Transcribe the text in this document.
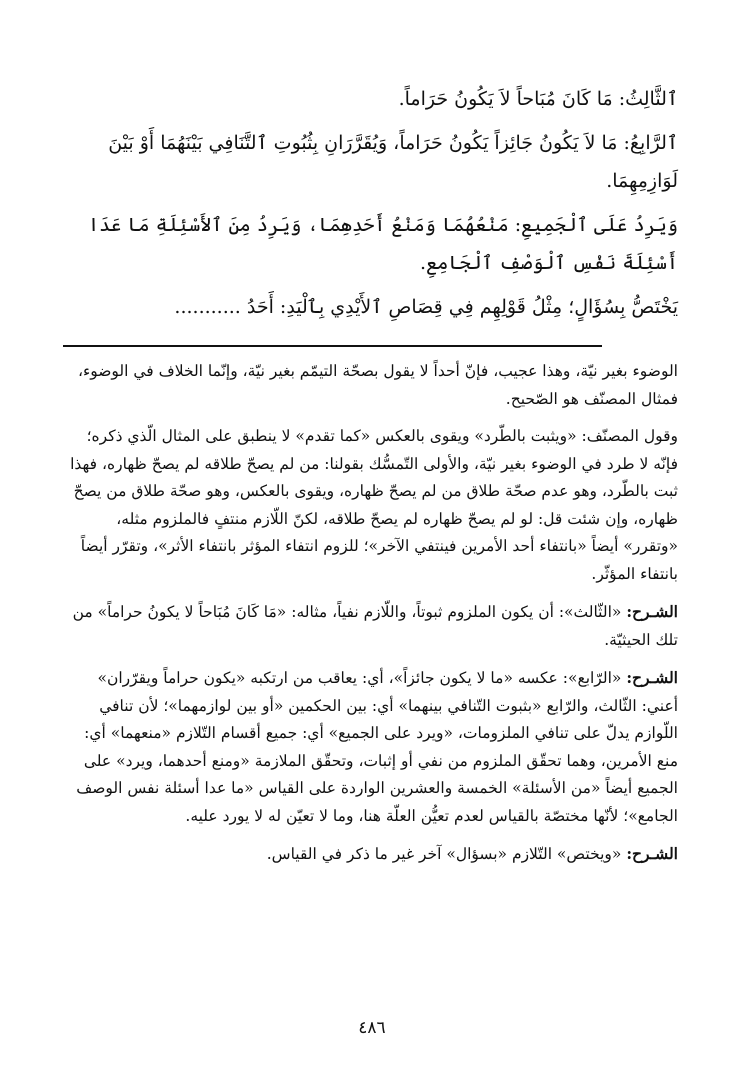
ٱلثَّالِثُ: مَا كَانَ مُبَاحاً لاَ يَكُونُ حَرَاماً.

ٱلرَّابِعُ: مَا لاَ يَكُونُ جَائِزاً يَكُونُ حَرَاماً، وَيُقَرَّرَانِ بِثُبُوتِ ٱلتَّنَافِي بَيْنَهُمَا أَوْ بَيْنَ لَوَازِمِهِمَا.

وَيَرِدُ عَلَى ٱلْجَمِيعِ: مَنْعُهُمَا وَمَنْعُ أَحَدِهِمَا، وَيَرِدُ مِنَ ٱلأَسْئِلَةِ مَا عَدَا أَسْئِلَةَ نَفْسِ ٱلْوَصْفِ ٱلْجَامِعِ.

يَخْتَصُّ بِسُؤَالٍ؛ مِثْلُ قَوْلِهِم فِي قِصَاصِ ٱلأَيْدِي بِٱلْيَدِ: أَحَدُ ...........

الوضوء بغير نيّة، وهذا عجيب، فإنّ أحداً لا يقول بصحّة التيمّم بغير نيّة، وإنّما الخلاف في الوضوء، فمثال المصنّف هو الصّحيح.

وقول المصنّف: «ويثبت بالطّرد» ويقوى بالعكس «كما تقدم» لا ينطبق على المثال الّذي ذكره؛ فإنّه لا طرد في الوضوء بغير نيّة، والأولى التّمسُّك بقولنا: من لم يصحّ طلاقه لم يصحّ ظهاره، فهذا ثبت بالطّرد، وهو عدم صحّة طلاق من لم يصحّ ظهاره، ويقوى بالعكس، وهو صحّة طلاق من يصحّ ظهاره، وإن شئت قل: لو لم يصحّ ظهاره لم يصحّ طلاقه، لكنّ اللّازم منتفٍ فالملزوم مثله، «وتقرر» أيضاً «بانتفاء أحد الأمرين فينتفي الآخر»؛ للزوم انتفاء المؤثر بانتفاء الأثر»، وتقرّر أيضاً بانتفاء المؤثّر.

الشـرح: «الثّالث»: أن يكون الملزوم ثبوتاً، واللّازم نفياً، مثاله: «مَا كَانَ مُبَاحاً لا يكونُ حراماً» من تلك الحيثيّة.

الشـرح: «الرّابع»: عكسه «ما لا يكون جائزاً»، أي: يعاقب من ارتكبه «يكون حراماً ويقرّران» أعني: الثّالث، والرّابع «بثبوت التّنافي بينهما» أي: بين الحكمين «أو بين لوازمهما»؛ لأن تنافي اللّوازم يدلّ على تنافي الملزومات، «ويرد على الجميع» أي: جميع أقسام التّلازم «منعهما» أي: منع الأمرين، وهما تحقّق الملزوم من نفي أو إثبات، وتحقّق الملازمة «ومنع أحدهما، ويرد» على الجميع أيضاً «من الأسئلة» الخمسة والعشرين الواردة على القياس «ما عدا أسئلة نفس الوصف الجامع»؛ لأنّها مختصّة بالقياس لعدم تعيُّن العلّة هنا، وما لا تعيّن له لا يورد عليه.

الشـرح: «ويختص» التّلازم «بسؤال» آخر غير ما ذكر في القياس.

٤٨٦
